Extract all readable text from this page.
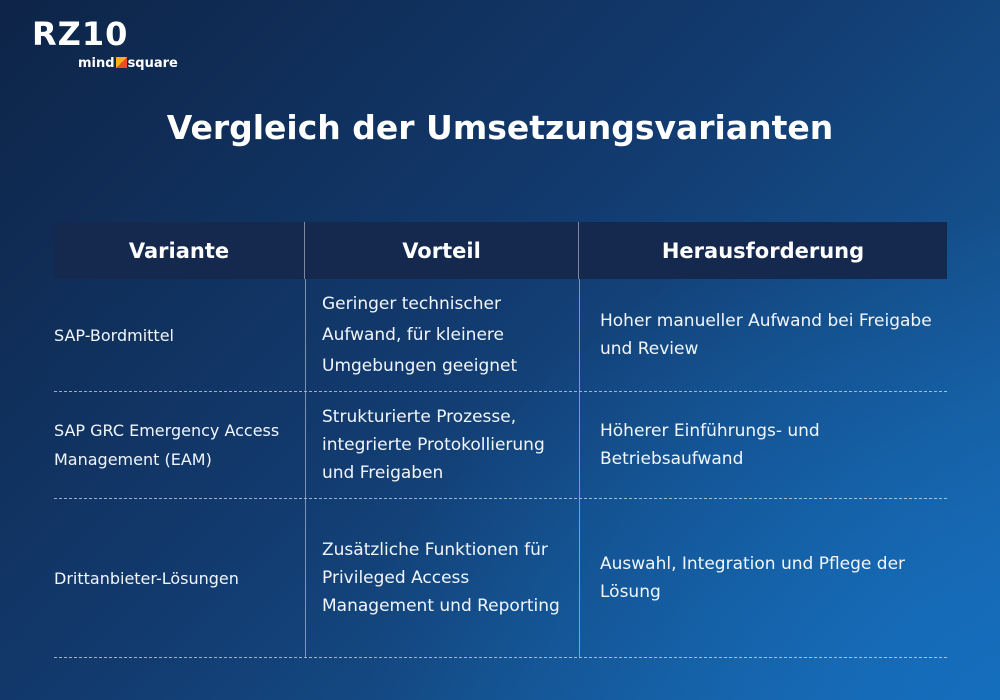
RZ10
mind square
Vergleich der Umsetzungsvarianten
Variante	Vorteil	Herausforderung
SAP-Bordmittel
Geringer technischer Aufwand, für kleinere Umgebungen geeignet
Hoher manueller Aufwand bei Freigabe und Review
SAP GRC Emergency Access Management (EAM)
Strukturierte Prozesse, integrierte Protokollierung und Freigaben
Höherer Einführungs- und Betriebsaufwand
Drittanbieter-Lösungen
Zusätzliche Funktionen für Privileged Access Management und Reporting
Auswahl, Integration und Pflege der Lösung
